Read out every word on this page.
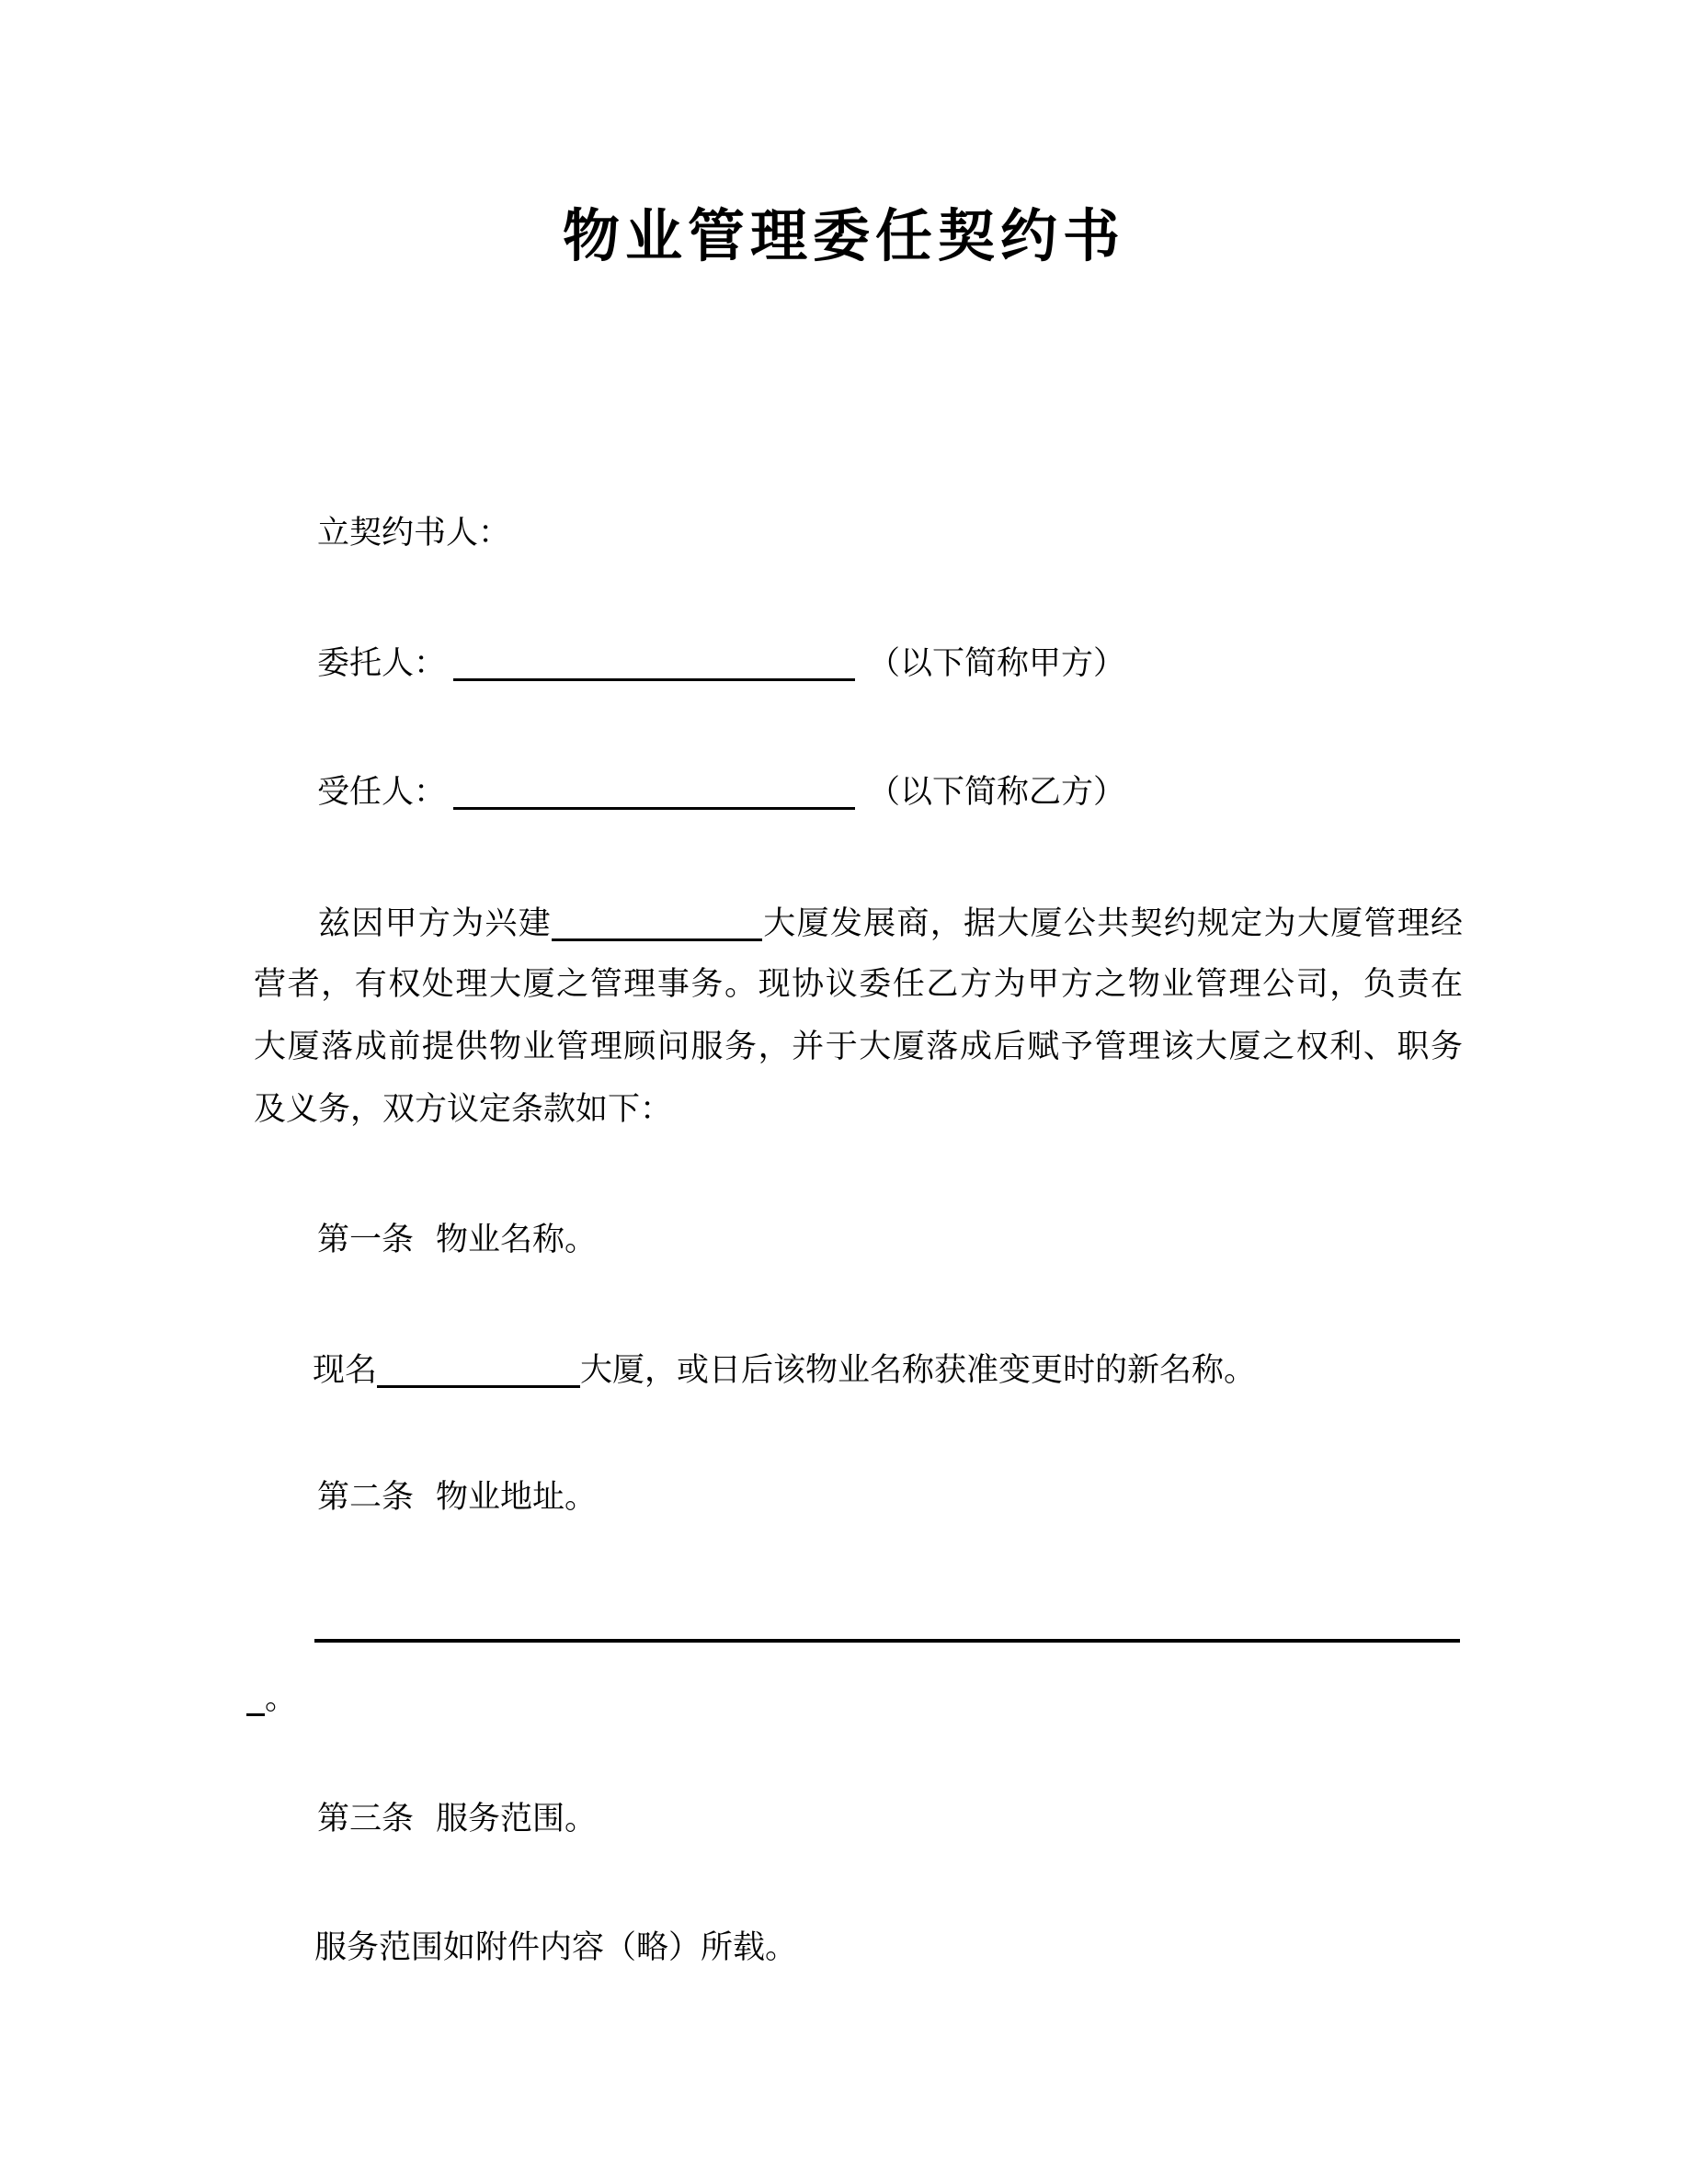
物业管理委任契约书
立契约书人：
委托人：	（以下简称甲方）
受任人：	（以下简称乙方）
兹因甲方为兴建	大厦发展商，据大厦公共契约规定为大厦管理经
营者，有权处理大厦之管理事务。现协议委任乙方为甲方之物业管理公司，负责在
大厦落成前提供物业管理顾问服务，并于大厦落成后赋予管理该大厦之权利、职务
及义务，双方议定条款如下：
第一条 物业名称。
现名	大厦，或日后该物业名称获准变更时的新名称。
第二条 物业地址。
。
第三条 服务范围。
服务范围如附件内容（略）所载。
